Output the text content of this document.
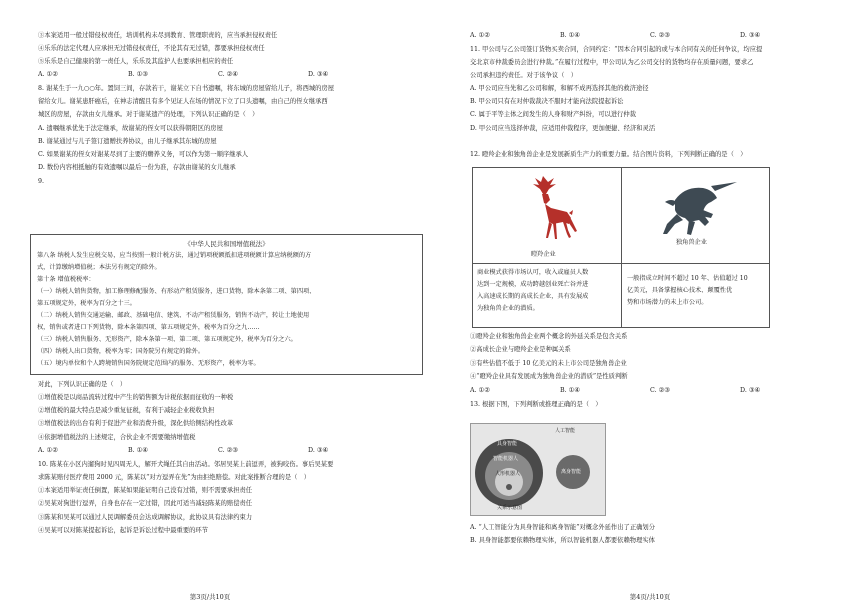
③本案适用一般过错侵权责任，培训机构未尽到教育、管理职责的，应当承担侵权责任
④乐乐的法定代理人应承担无过错侵权责任，不论其有无过错，都要承担侵权责任
⑤乐乐是自己健康的第一责任人，乐乐及其监护人也要承担相应的责任
A. ①②	B. ①③	C. ②④	D. ③④
8. 谢某生于一九○○年。置饲三间，存款若干，谢某立下自书遗嘱，将东城的房屋留给儿子，将西城的房屋
留给女儿。谢某患肝癌后，在神志清醒且有多个见证人在场的情况下立了口头遗嘱，由自己的侄女继承西
城区的房屋，存款由女儿继承。对于谢某遗产的处理，下列认识正确的是（　）
A. 遗嘱继承优先于法定继承，故谢某的侄女可以获得朝阳区的房屋
B. 谢某通过与儿子签订遗赠扶养协议，由儿子继承其东城的房屋
C. 如果谢某的侄女对谢某尽到了主要的赡养义务，可以作为第一顺序继承人
D. 数份内容相抵触的有效遗嘱以最后一份为准，存款由谢某的女儿继承
9.
《中华人民共和国增值税法》
第八条 纳税人发生应税交易，应当按照一般计税方法，通过销项税额抵扣进项税额计算应纳税额的方
式，计算缴纳增值税；本法另有规定的除外。
第十条 增值税税率：
（一）纳税人销售货物，加工修理修配服务、有形动产租赁服务，进口货物，除本条第二项、第四项、
第五项规定外，税率为百分之十三。
（二）纳税人销售交通运输、邮政、基础电信、建筑、不动产租赁服务，销售不动产，转让土地使用
权，销售或者进口下列货物，除本条第四项、第五项规定外，税率为百分之九……
（三）纳税人销售服务、无形资产，除本条第一项、第二项、第五项规定外，税率为百分之六。
（四）纳税人出口货物，税率为零；国务院另有规定的除外。
（五）境内单位和个人跨境销售国务院规定范围内的服务、无形资产，税率为零。
对此，下列认识正确的是（　）
①增值税是以商品流转过程中产生的销售额为计税依据而征收的一种税
②增值税的最大特点是减少重复征税，有利于减轻企业税收负担
③增值税法的出台有利于促进产业和消费升级，深化供给侧结构性改革
④依据增值税法的上述规定，合伙企业不需要缴纳增值税
A. ①②	B. ①④	C. ②③	D. ③④
10. 陈某在小区内遛狗时见四周无人，解开犬绳任其自由活动。邻居吴某上前逗弄，被狗咬伤。事后吴某要
求陈某赔付医疗费用 2000 元，陈某以“对方逗弄在先”为由拒绝赔偿。对此案推断合理的是（　）
①本案适用举证责任倒置，陈某如果能证明自己没有过错，则不需要承担责任
②吴某对狗进行逗弄，自身也存在一定过错，因此可适当减轻陈某的赔偿责任
③陈某和吴某可以通过人民调解委员会达成调解协议，此协议具有法律约束力
④吴某可以对陈某提起诉讼，起诉是诉讼过程中最重要的环节
第3页/共10页
A. ①②	B. ①④	C. ②③	D. ③④
11. 甲公司与乙公司签订货物买卖合同，合同约定：“因本合同引起的或与本合同有关的任何争议，均应提
交北京市仲裁委员会进行仲裁。”在履行过程中，甲公司认为乙公司交付的货物均存在质量问题，要求乙
公司承担违约责任。对于该争议（　）
A. 甲公司应当先和乙公司和解，和解不成再选择其他的救济途径
B. 甲公司只有在对仲裁裁决不服时才能向法院提起诉讼
C. 属于平等主体之间发生的人身和财产纠纷，可以进行仲裁
D. 甲公司应当选择仲裁，应适用仲裁程序，更加便捷、经济和灵活
12. 瞪羚企业和独角兽企业是发展新质生产力的重要力量。结合图片资料，下列判断正确的是（　）
瞪羚企业
独角兽企业
商业模式获得市场认可，收入或雇员人数
达到一定规模，成功跨越创业死亡谷并进
入高速成长期的高成长企业，具有发展成
为独角兽企业的潜质。
一般指成立时间不超过 10 年、估值超过 10
亿美元，具备掌握核心技术、颠覆性优
势和市场潜力的未上市公司。
①瞪羚企业和独角兽企业两个概念的外延关系是包含关系
②高成长企业与瞪羚企业是种属关系
③有些估值不低于 10 亿美元的未上市公司是独角兽企业
④“瞪羚企业具有发展成为独角兽企业的潜质”是性质判断
A. ①②	B. ①④	C. ②③	D. ③④
13. 根据下图，下列判断或推理正确的是（　）
人工智能
具身智能
智能机器人
人形机器人	离身智能
关系示意图
A. “人工智能分为具身智能和离身智能”对概念外延作出了正确划分
B. 具身智能都要依赖物理实体，所以智能机器人都要依赖物理实体
第4页/共10页
